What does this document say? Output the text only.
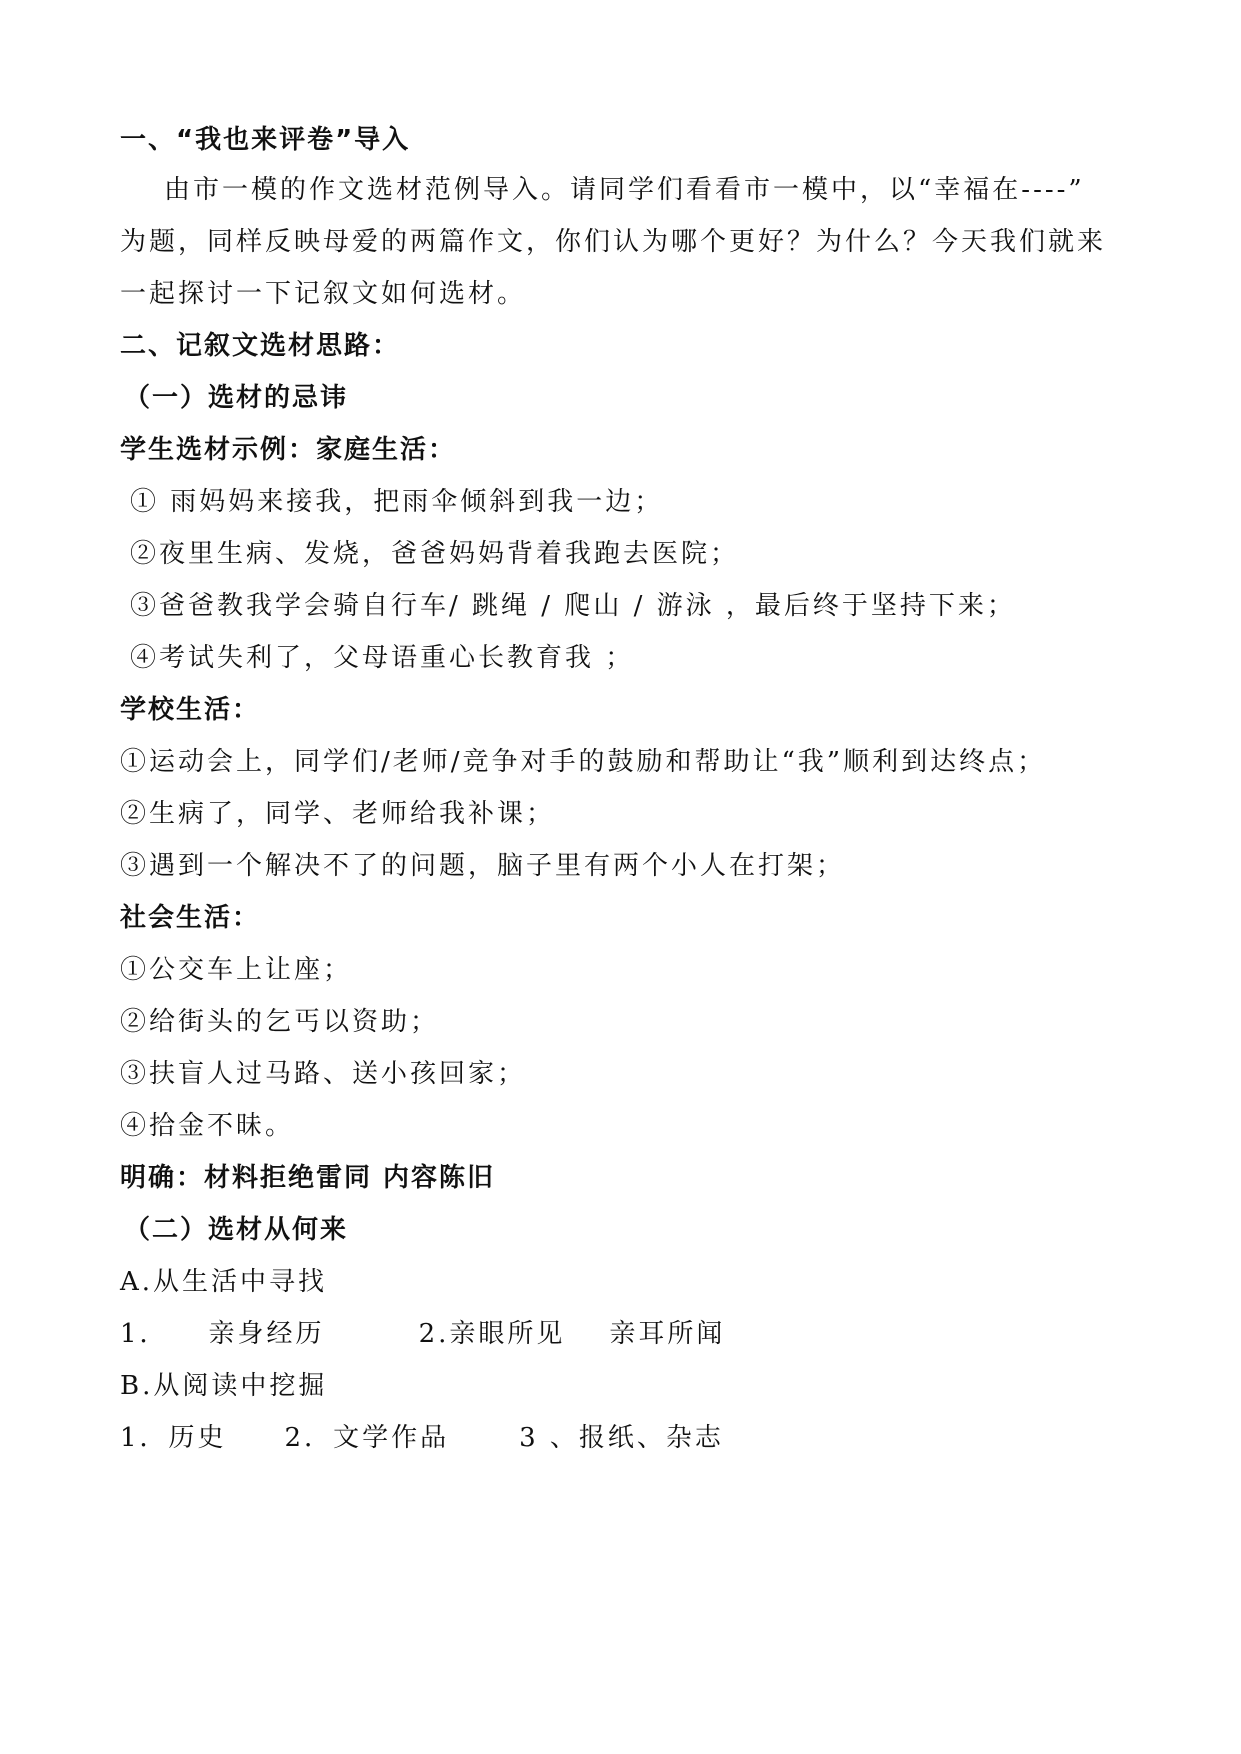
一、“我也来评卷”导入
由市一模的作文选材范例导入。请同学们看看市一模中，以“幸福在----”
为题，同样反映母爱的两篇作文，你们认为哪个更好？为什么？今天我们就来
一起探讨一下记叙文如何选材。
二、记叙文选材思路：
（一）选材的忌讳
学生选材示例：家庭生活：
① 雨妈妈来接我，把雨伞倾斜到我一边；
②夜里生病、发烧，爸爸妈妈背着我跑去医院；
③爸爸教我学会骑自行车/ 跳绳 / 爬山 / 游泳 ，最后终于坚持下来；
④考试失利了，父母语重心长教育我 ；
学校生活：
①运动会上，同学们/老师/竞争对手的鼓励和帮助让“我”顺利到达终点；
②生病了，同学、老师给我补课；
③遇到一个解决不了的问题，脑子里有两个小人在打架；
社会生活：
①公交车上让座；
②给街头的乞丐以资助；
③扶盲人过马路、送小孩回家；
④拾金不昧。
明确：材料拒绝雷同 内容陈旧
（二）选材从何来
A.从生活中寻找
1． 亲身经历	2.亲眼所见 亲耳所闻
B.从阅读中挖掘
1．历史 2．文学作品	3 、报纸、杂志
